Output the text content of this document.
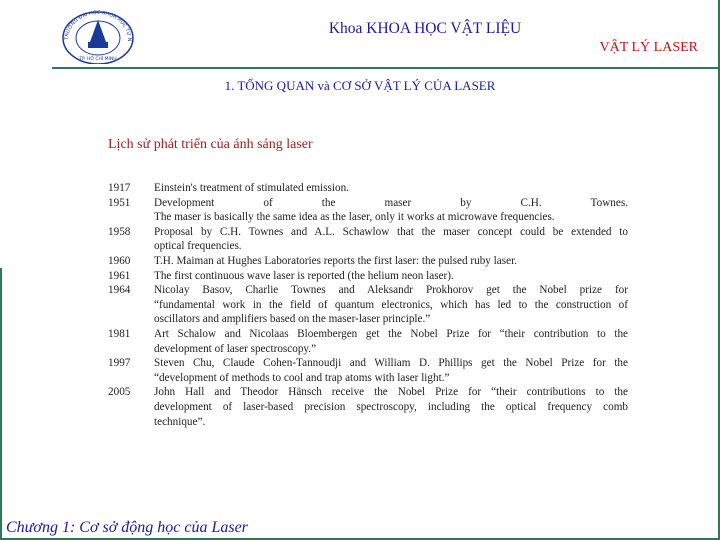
TRƯỜNG ĐẠI HỌC KHOA HỌC TỰ N
TP. HỒ CHÍ MINH
Khoa KHOA HỌC VẬT LIỆU
VẬT LÝ LASER
1. TỔNG QUAN và CƠ SỞ VẬT LÝ CỦA LASER
Lịch sử phát triển của ánh sáng laser
1917	Einstein's treatment of stimulated emission.
1951	Development of the maser by C.H. Townes.
The maser is basically the same idea as the laser, only it works at microwave frequencies.
1958	Proposal by C.H. Townes and A.L. Schawlow that the maser concept could be extended to
optical frequencies.
1960	T.H. Maiman at Hughes Laboratories reports the first laser: the pulsed ruby laser.
1961	The first continuous wave laser is reported (the helium neon laser).
1964	Nicolay Basov, Charlie Townes and Aleksandr Prokhorov get the Nobel prize for
“fundamental work in the field of quantum electronics, which has led to the construction of
oscillators and amplifiers based on the maser-laser principle.”
1981	Art Schalow and Nicolaas Bloembergen get the Nobel Prize for “their contribution to the
development of laser spectroscopy.”
1997	Steven Chu, Claude Cohen-Tannoudji and William D. Phillips get the Nobel Prize for the
“development of methods to cool and trap atoms with laser light.”
2005	John Hall and Theodor Hänsch receive the Nobel Prize for “their contributions to the
development of laser-based precision spectroscopy, including the optical frequency comb
technique”.
Chương 1: Cơ sở động học của Laser
